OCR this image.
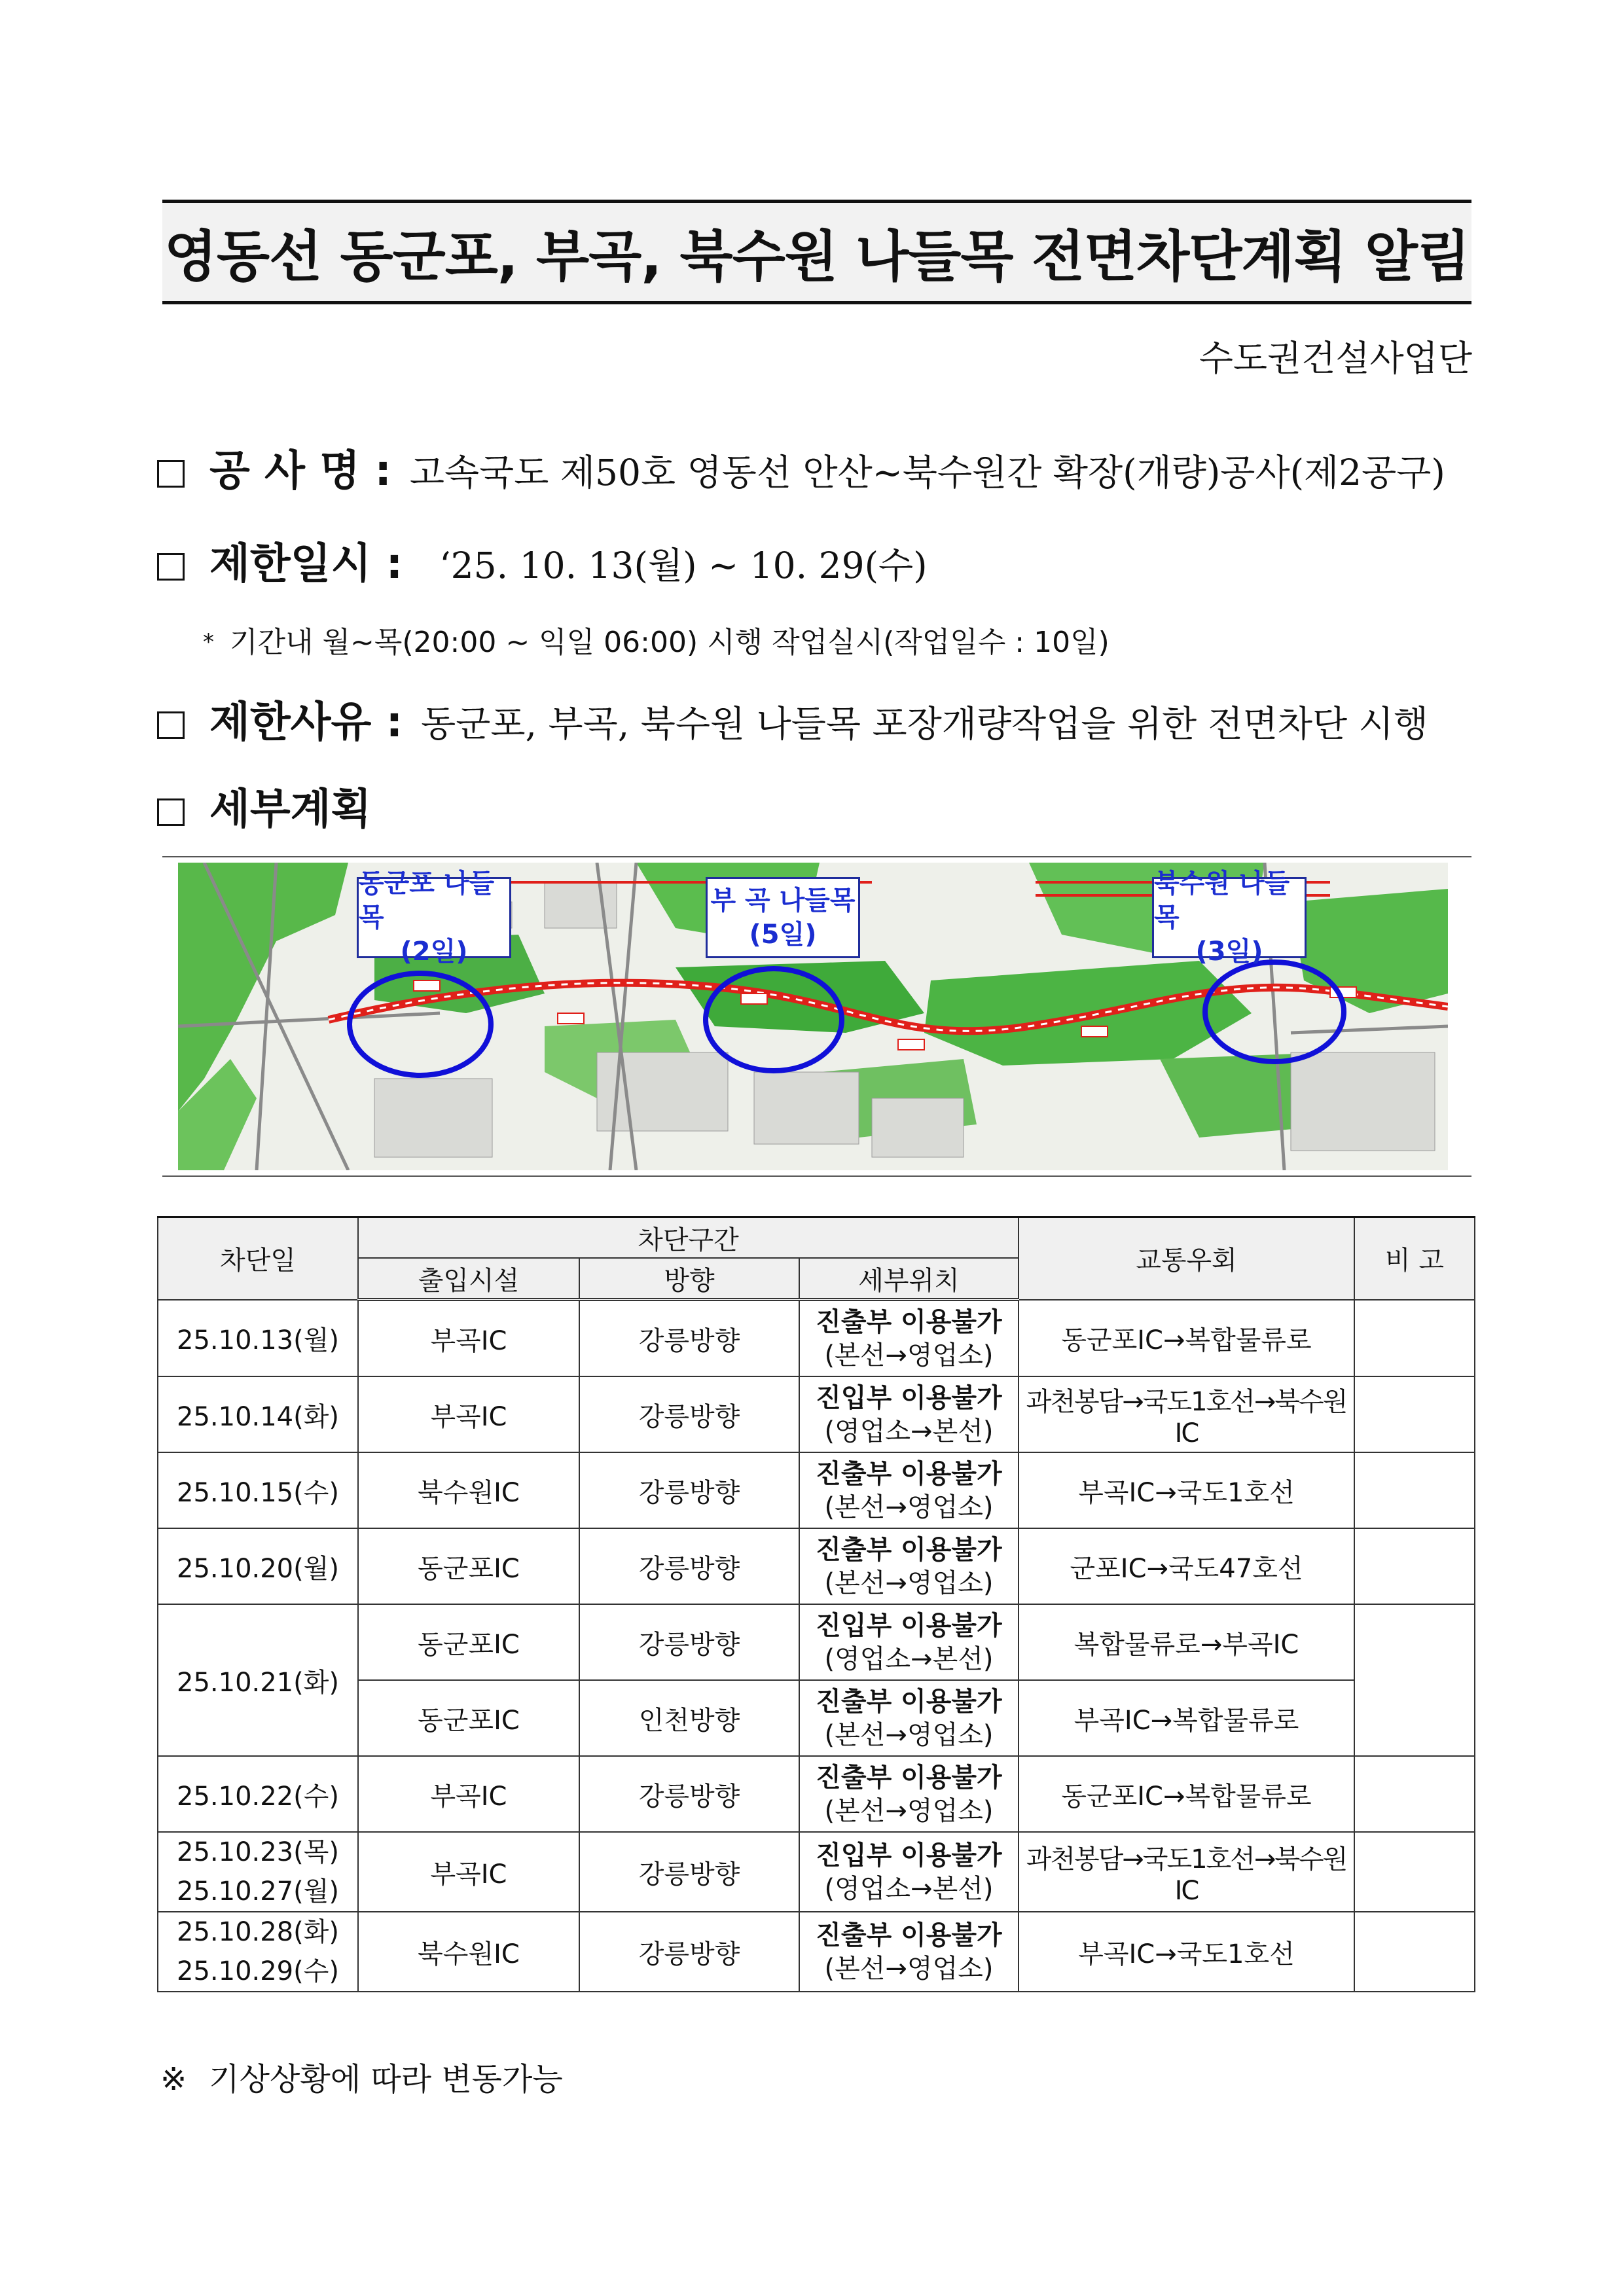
영동선 동군포, 부곡, 북수원 나들목 전면차단계획 알림
수도권건설사업단
공 사 명 : 고속국도 제50호 영동선 안산~북수원간 확장(개량)공사(제2공구)
제한일시 : ‘25. 10. 13(월) ~ 10. 29(수)
* 기간내 월~목(20:00 ~ 익일 06:00) 시행 작업실시(작업일수 : 10일)
제한사유 : 동군포, 부곡, 북수원 나들목 포장개량작업을 위한 전면차단 시행
세부계획
동군포 나들목
(2일)
부 곡 나들목
(5일)
북수원 나들목
(3일)
차단일	차단구간			교통우회	비 고
	출입시설	방향	세부위치		
25.10.13(월)	부곡IC	강릉방향	진출부 이용불가
(본선→영업소)	동군포IC→복합물류로	
25.10.14(화)	부곡IC	강릉방향	진입부 이용불가
(영업소→본선)	과천봉담→국도1호선→북수원IC	
25.10.15(수)	북수원IC	강릉방향	진출부 이용불가
(본선→영업소)	부곡IC→국도1호선	
25.10.20(월)	동군포IC	강릉방향	진출부 이용불가
(본선→영업소)	군포IC→국도47호선	
25.10.21(화)	동군포IC	강릉방향	진입부 이용불가
(영업소→본선)	복합물류로→부곡IC	
	동군포IC	인천방향	진출부 이용불가
(본선→영업소)	부곡IC→복합물류로	
25.10.22(수)	부곡IC	강릉방향	진출부 이용불가
(본선→영업소)	동군포IC→복합물류로	

25.10.23(목)
25.10.27(월)	부곡IC	강릉방향	진입부 이용불가
(영업소→본선)	과천봉담→국도1호선→북수원IC	

25.10.28(화)
25.10.29(수)	북수원IC	강릉방향	진출부 이용불가
(본선→영업소)	부곡IC→국도1호선	
※ 기상상황에 따라 변동가능
